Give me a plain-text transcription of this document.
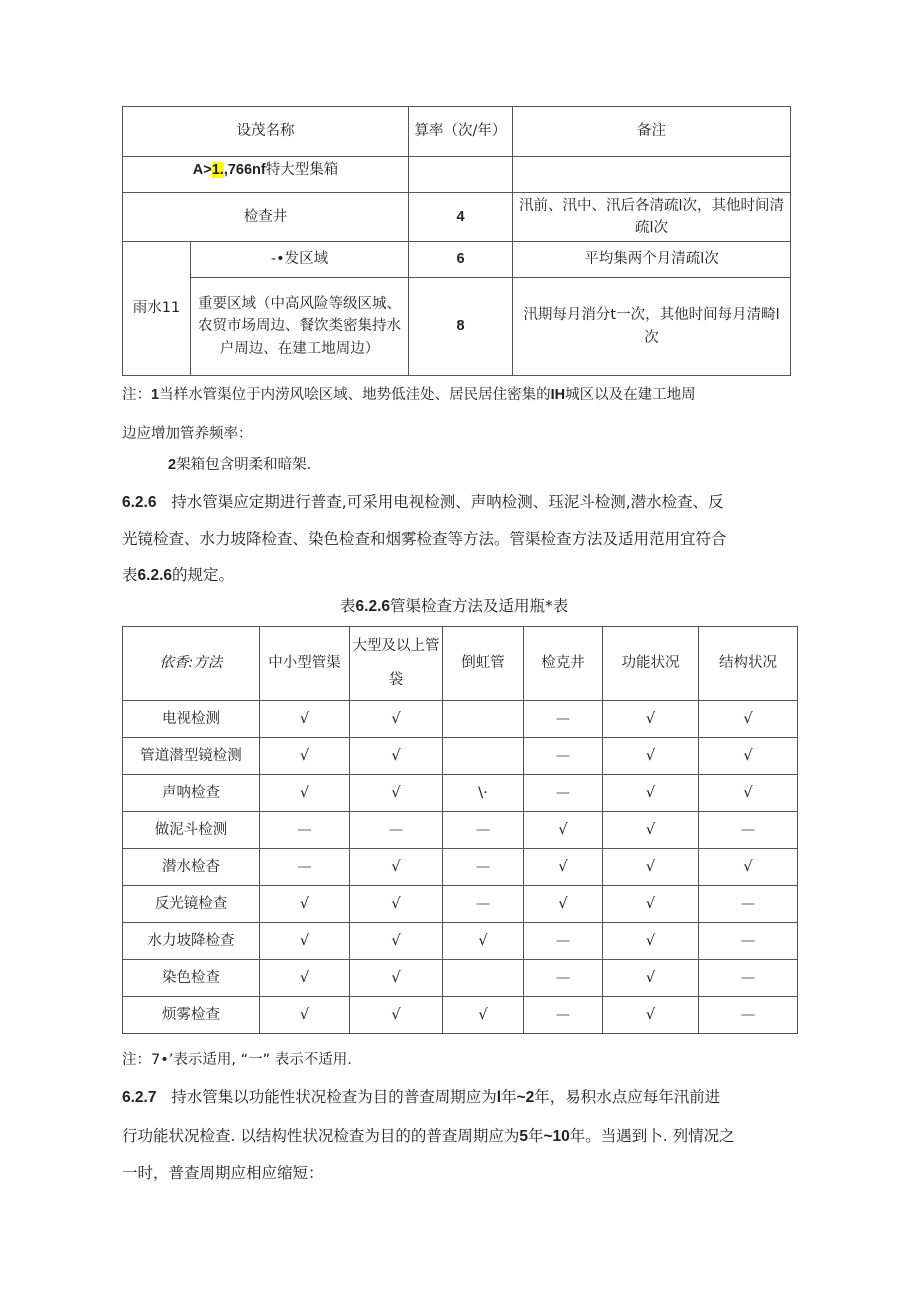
设茂名称		算率（次/年）	备注
A>1.,766nf特大型集箱			
检查井		4	汛前、汛中、汛后各清疏l次，其他时间清疏l次
雨水11	-•发区域	6	平均集两个月清疏l次
	重要区域（中高风险等级区城、农贸市场周边、餐饮类密集持水户周边、在建工地周边）	8	汛期每月消分t一次，其他时间每月清畸l次
注：1当样水管渠位于内涝风哙区域、地势低洼处、居民居住密集的IH城区以及在建工地周
边应增加管养频率：
2架箱包含明柔和暗架.
6.2.6 持水管渠应定期进行普查,可采用电视检测、声呐检测、珏泥斗检测,潜水检查、反
光镜检查、水力坡降检查、染色检查和烟雾检查等方法。管渠检查方法及适用范用宜符合
表6.2.6的规定。
表6.2.6管渠检查方法及适用瓶*表
依香:方法	中小型管渠	大型及以上管袋	倒虹管	检克井	功能状况	结构状况
电视检测	√	√		—	√	√
管道潜型镜检测	√	√		—	√	√
声呐检查	√	√	\·	—	√	√
做泥斗检测	—	—	—	√	√	—
潜水检杳	—	√	—	√	√	√
反光镜检查	√	√	—	√	√	—
水力坡降检查	√	√	√	—	√	—
染色检查	√	√		—	√	—
烦雾检查	√	√	√	—	√	—
注：7•’表示适用, “一” 表示不适用.
6.2.7 持水管集以功能性状况检查为目的普查周期应为l年~2年，易积水点应每年汛前进
行功能状况检查. 以结构性状况检查为目的的普查周期应为5年~10年。当遇到卜. 列情况之
一时，普查周期应相应缩短：
